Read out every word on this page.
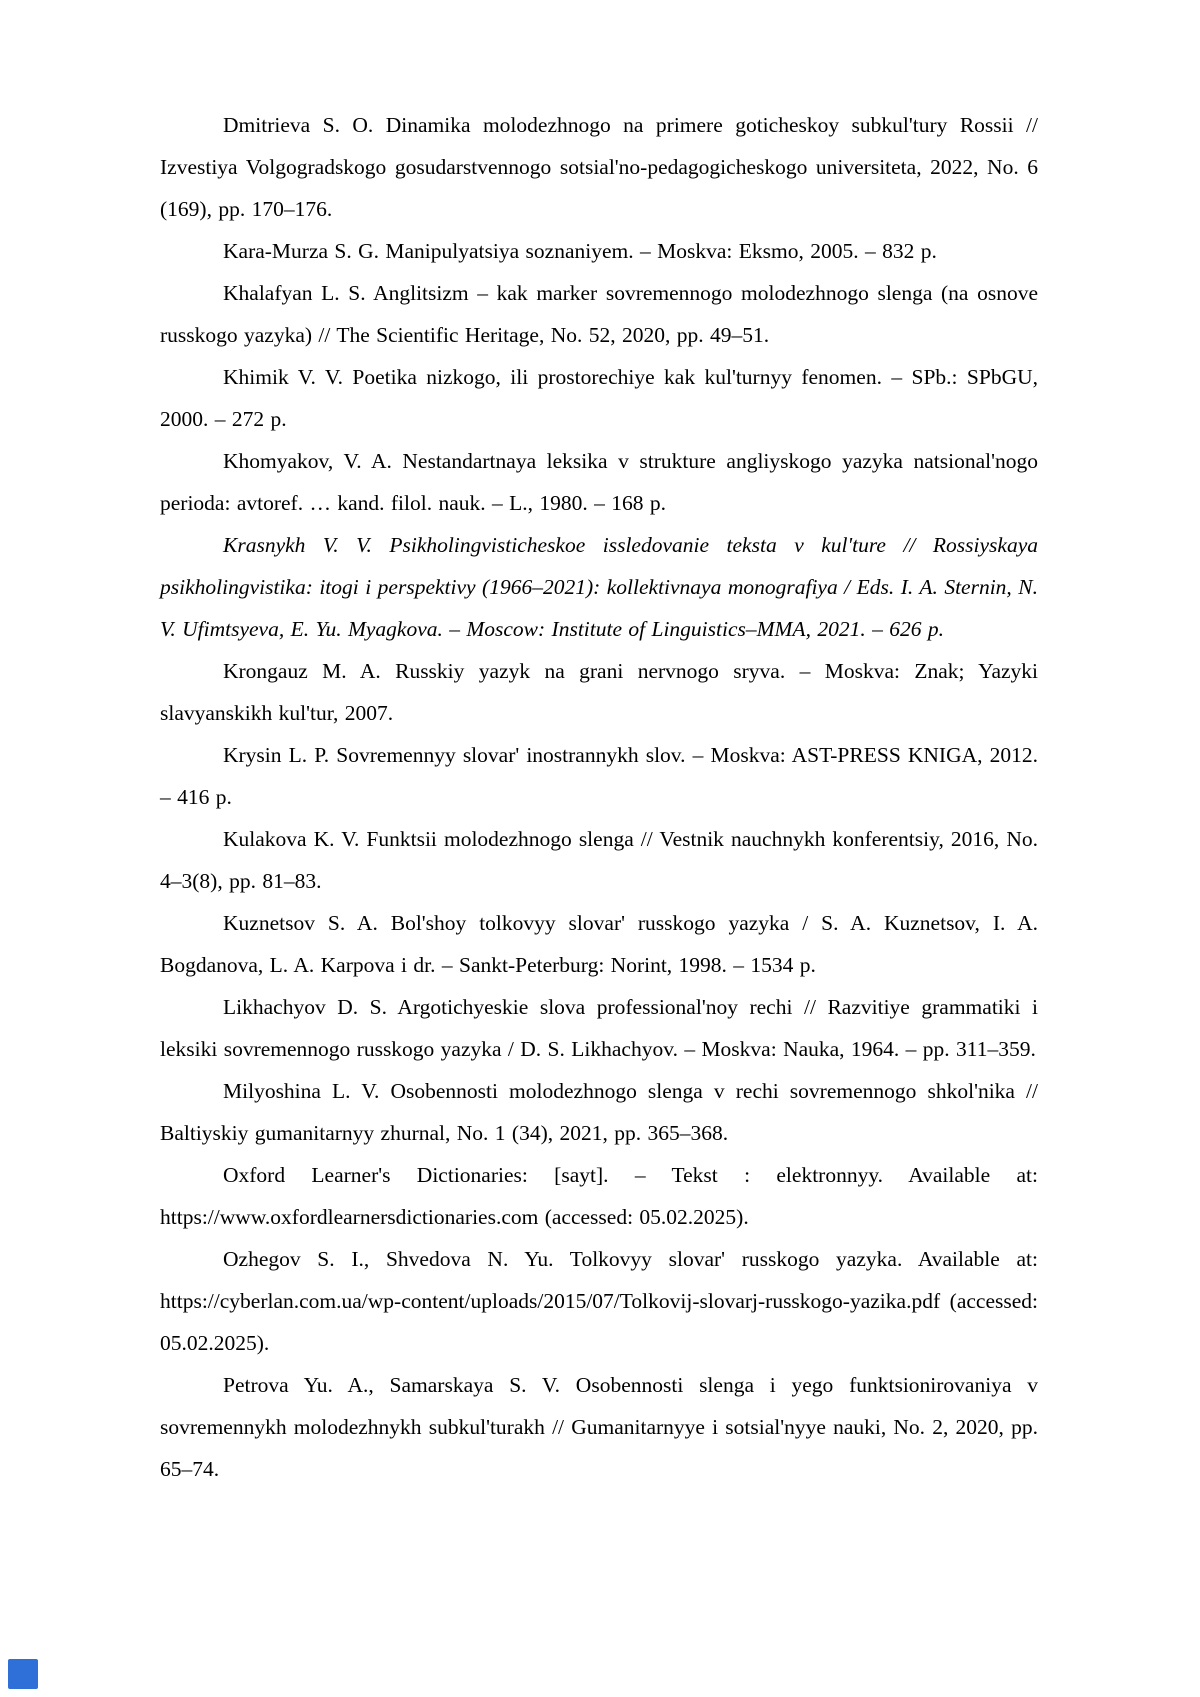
Dmitrieva S. O. Dinamika molodezhnogo na primere goticheskoy subkul'tury Rossii // Izvestiya Volgogradskogo gosudarstvennogo sotsial'no-pedagogicheskogo universiteta, 2022, No. 6 (169), pp. 170–176.

Kara-Murza S. G. Manipulyatsiya soznaniyem. – Moskva: Eksmo, 2005. – 832 p.

Khalafyan L. S. Anglitsizm – kak marker sovremennogo molodezhnogo slenga (na osnove russkogo yazyka) // The Scientific Heritage, No. 52, 2020, pp. 49–51.

Khimik V. V. Poetika nizkogo, ili prostorechiye kak kul'turnyy fenomen. – SPb.: SPbGU, 2000. – 272 p.

Khomyakov, V. A. Nestandartnaya leksika v strukture angliyskogo yazyka natsional'nogo perioda: avtoref. … kand. filol. nauk. – L., 1980. – 168 p.

Krasnykh V. V. Psikholingvisticheskoe issledovanie teksta v kul'ture // Rossiyskaya psikholingvistika: itogi i perspektivy (1966–2021): kollektivnaya monografiya / Eds. I. A. Sternin, N. V. Ufimtsyeva, E. Yu. Myagkova. – Moscow: Institute of Linguistics–MMA, 2021. – 626 p.

Krongauz M. A. Russkiy yazyk na grani nervnogo sryva. – Moskva: Znak; Yazyki slavyanskikh kul'tur, 2007.

Krysin L. P. Sovremennyy slovar' inostrannykh slov. – Moskva: AST-PRESS KNIGA, 2012. – 416 p.

Kulakova K. V. Funktsii molodezhnogo slenga // Vestnik nauchnykh konferentsiy, 2016, No. 4–3(8), pp. 81–83.

Kuznetsov S. A. Bol'shoy tolkovyy slovar' russkogo yazyka / S. A. Kuznetsov, I. A. Bogdanova, L. A. Karpova i dr. – Sankt-Peterburg: Norint, 1998. – 1534 p.

Likhachyov D. S. Argotichyeskie slova professional'noy rechi // Razvitiye grammatiki i leksiki sovremennogo russkogo yazyka / D. S. Likhachyov. – Moskva: Nauka, 1964. – pp. 311–359.

Milyoshina L. V. Osobennosti molodezhnogo slenga v rechi sovremennogo shkol'nika // Baltiyskiy gumanitarnyy zhurnal, No. 1 (34), 2021, pp. 365–368.

Oxford Learner's Dictionaries: [sayt]. – Tekst : elektronnyy. Available at: https://www.oxfordlearnersdictionaries.com (accessed: 05.02.2025).

Ozhegov S. I., Shvedova N. Yu. Tolkovyy slovar' russkogo yazyka. Available at: https://cyberlan.com.ua/wp-content/uploads/2015/07/Tolkovij-slovarj-russkogo-yazika.pdf (accessed: 05.02.2025).

Petrova Yu. A., Samarskaya S. V. Osobennosti slenga i yego funktsionirovaniya v sovremennykh molodezhnykh subkul'turakh // Gumanitarnyye i sotsial'nyye nauki, No. 2, 2020, pp. 65–74.
